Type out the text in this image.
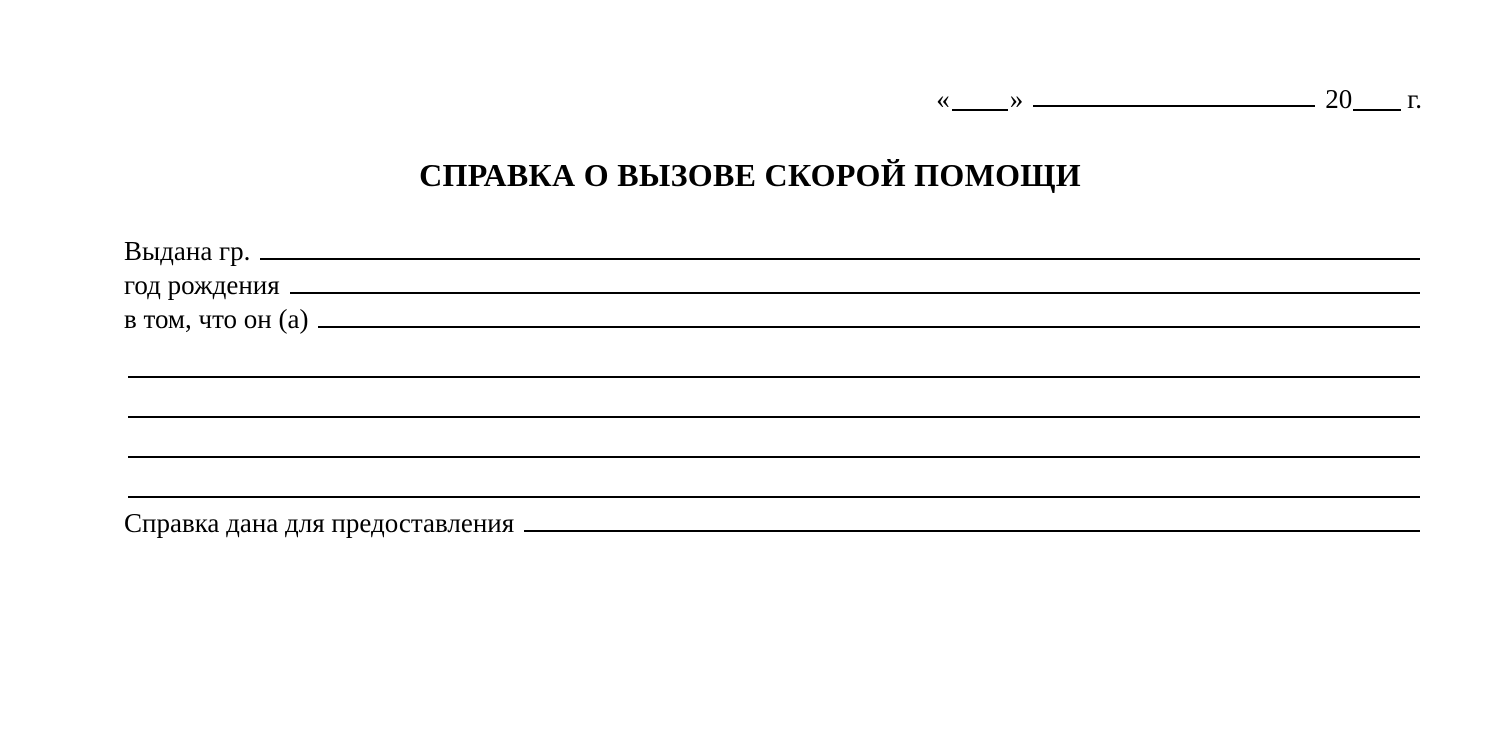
« »	20 г.
СПРАВКА О ВЫЗОВЕ СКОРОЙ ПОМОЩИ
Выдана гр.
год рождения
в том, что он (а)
Справка дана для предоставления
